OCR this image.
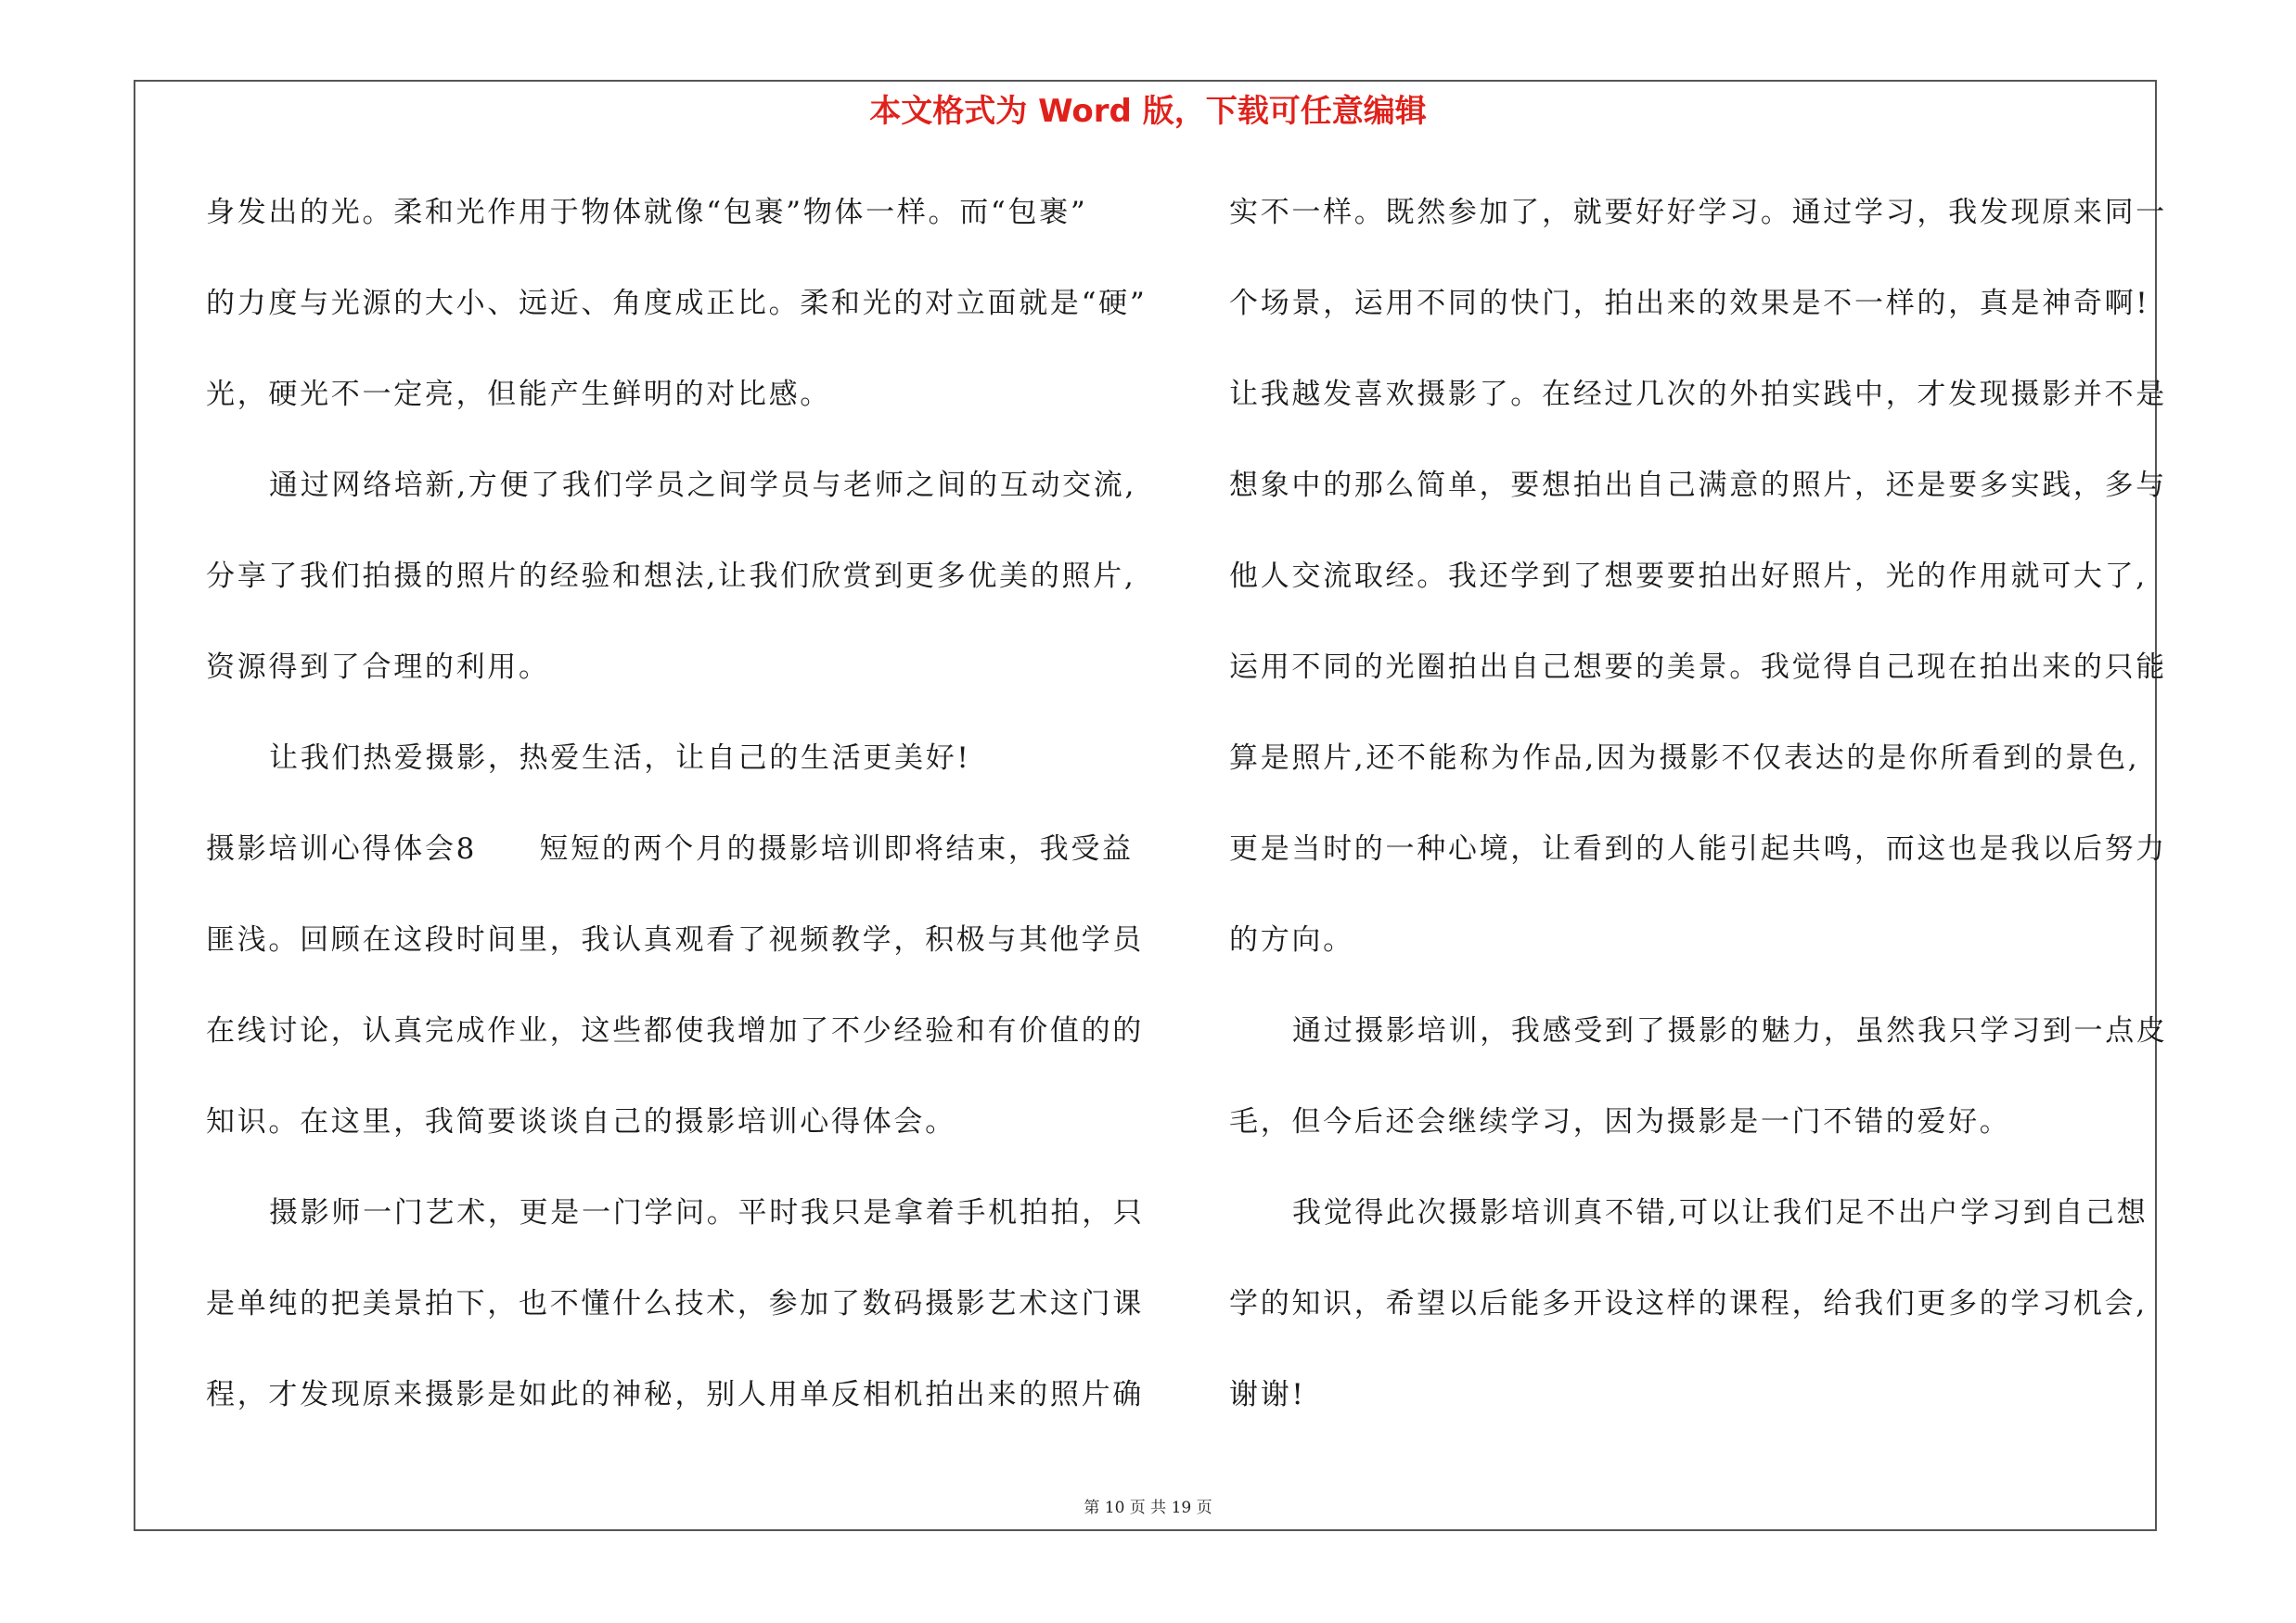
本文格式为 Word 版，下载可任意编辑
身发出的光。柔和光作用于物体就像“包裹”物体一样。而“包裹”
的力度与光源的大小、远近、角度成正比。柔和光的对立面就是“硬”
光，硬光不一定亮，但能产生鲜明的对比感。
通过网络培新,方便了我们学员之间学员与老师之间的互动交流,
分享了我们拍摄的照片的经验和想法,让我们欣赏到更多优美的照片,
资源得到了合理的利用。
让我们热爱摄影，热爱生活，让自己的生活更美好!
摄影培训心得体会8　　短短的两个月的摄影培训即将结束，我受益
匪浅。回顾在这段时间里，我认真观看了视频教学，积极与其他学员
在线讨论，认真完成作业，这些都使我增加了不少经验和有价值的的
知识。在这里，我简要谈谈自己的摄影培训心得体会。
摄影师一门艺术，更是一门学问。平时我只是拿着手机拍拍，只
是单纯的把美景拍下，也不懂什么技术，参加了数码摄影艺术这门课
程，才发现原来摄影是如此的神秘，别人用单反相机拍出来的照片确
实不一样。既然参加了，就要好好学习。通过学习，我发现原来同一
个场景，运用不同的快门，拍出来的效果是不一样的，真是神奇啊!
让我越发喜欢摄影了。在经过几次的外拍实践中，才发现摄影并不是
想象中的那么简单，要想拍出自己满意的照片，还是要多实践，多与
他人交流取经。我还学到了想要要拍出好照片，光的作用就可大了,
运用不同的光圈拍出自己想要的美景。我觉得自己现在拍出来的只能
算是照片,还不能称为作品,因为摄影不仅表达的是你所看到的景色,
更是当时的一种心境，让看到的人能引起共鸣，而这也是我以后努力
的方向。
通过摄影培训，我感受到了摄影的魅力，虽然我只学习到一点皮
毛，但今后还会继续学习，因为摄影是一门不错的爱好。
我觉得此次摄影培训真不错,可以让我们足不出户学习到自己想
学的知识，希望以后能多开设这样的课程，给我们更多的学习机会,
谢谢!
第 10 页 共 19 页
